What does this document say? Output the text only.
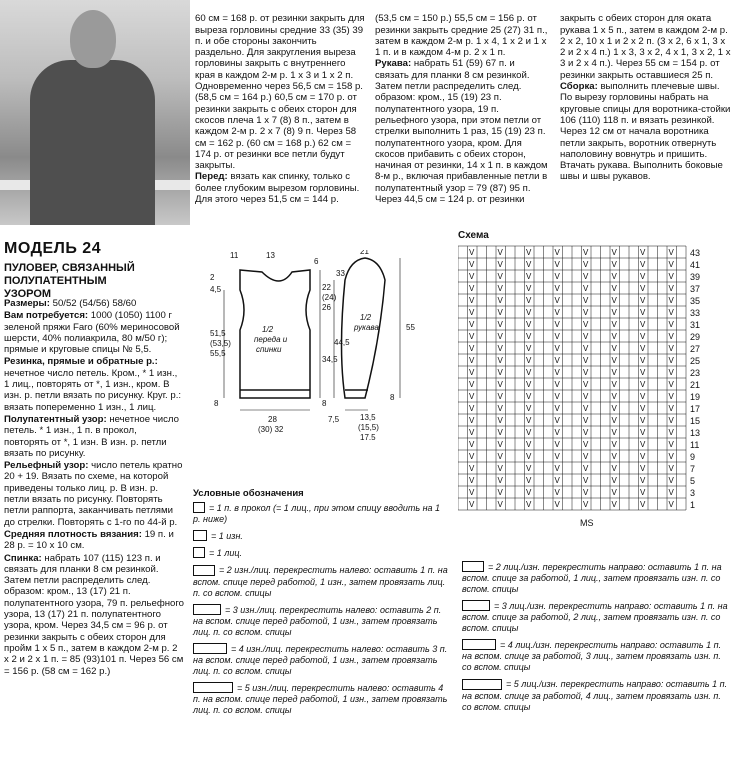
60 см = 168 р. от резинки закрыть для выреза горловины средние 33 (35) 39 п. и обе стороны закончить раздельно. Для закругления выреза горловины закрыть с внутреннего края в каждом 2-м р. 1 х 3 и 1 х 2 п. Одновременно через 56,5 см = 158 р. (58,5 см = 164 р.) 60,5 см = 170 р. от резинки закрыть с обеих сторон для скосов плеча 1 х 7 (8) 8 п., затем в каждом 2-м р. 2 х 7 (8) 9 п. Через 58 см = 162 р. (60 см = 168 р.) 62 см = 174 р. от резинки все петли будут закрыты.
Перед: вязать как спинку, только с более глубоким вырезом горловины. Для этого через 51,5 см = 144 р.

(53,5 см = 150 р.) 55,5 см = 156 р. от резинки закрыть средние 25 (27) 31 п., затем в каждом 2-м р. 1 х 4, 1 х 2 и 1 х 1 п. и в каждом 4-м р. 2 х 1 п.
Рукава: набрать 51 (59) 67 п. и связать для планки 8 см резинкой. Затем петли распределить след. образом: кром., 15 (19) 23 п. полупатентного узора, 19 п. рельефного узора, при этом петли от стрелки выполнить 1 раз, 15 (19) 23 п. полупатентного узора, кром. Для скосов прибавить с обеих сторон, начиная от резинки, 14 х 1 п. в каждом 8-м р., включая прибавленные петли в полупатентный узор = 79 (87) 95 п. Через 44,5 см = 124 р. от резинки

закрыть с обеих сторон для оката рукава 1 х 5 п., затем в каждом 2-м р. 2 х 2, 10 х 1 и 2 х 2 п. (3 х 2, 6 х 1, 3 х 2 и 2 х 4 п.) 1 х 3, 3 х 2, 4 х 1, 3 х 2, 1 х 3 и 2 х 4 п.). Через 55 см = 154 р. от резинки закрыть оставшиеся 25 п.
Сборка: выполнить плечевые швы. По вырезу горловины набрать на круговые спицы для воротника-стойки 106 (110) 118 п. и вязать резинкой. Через 12 см от начала воротника петли закрыть, воротник отвернуть наполовину вовнутрь и пришить. Втачать рукава. Выполнить боковые швы и швы рукавов.

МОДЕЛЬ 24
ПУЛОВЕР, СВЯЗАННЫЙ ПОЛУПАТЕНТНЫМ УЗОРОМ
Размеры: 50/52 (54/56) 58/60
Вам потребуется: 1000 (1050) 1100 г зеленой пряжи Faro (60% мериносовой шерсти, 40% полиакрила, 80 м/50 г); прямые и круговые спицы № 5,5.
Резинка, прямые и обратные р.: нечетное число петель. Кром., * 1 изн., 1 лиц., повторять от *, 1 изн., кром. В изн. р. петли вязать по рисунку. Круг. р.: вязать попеременно 1 изн., 1 лиц.
Полупатентный узор: нечетное число петель. * 1 изн., 1 п. в прокол, повторять от *, 1 изн. В изн. р. петли вязать по рисунку.
Рельефный узор: число петель кратно 20 + 19. Вязать по схеме, на которой приведены только лиц. р. В изн. р. петли вязать по рисунку. Повторять петли раппорта, заканчивать петлями до стрелки. Повторять с 1-го по 44-й р.
Средняя плотность вязания: 19 п. и 28 р. = 10 х 10 см.
Спинка: набрать 107 (115) 123 п. и связать для планки 8 см резинкой. Затем петли распределить след. образом: кром., 13 (17) 21 п. полупатентного узора, 79 п. рельефного узора, 13 (17) 21 п. полупатентного узора, кром. Через 34,5 см = 96 р. от резинки закрыть с обеих сторон для пройм 1 х 5 п., затем в каждом 2-м р. 2 х 2 и 2 х 1 п. = 85 (93)101 п. Через 56 см = 156 р. (58 см = 162 р.)
1/2 переда и спинки
1/2 рукава
11	13	21
2
4,5
6
22
(24)
26
33
51,5
(53,5)
55,5
34,5
44,5
55
8	8
8
28
(30) 32
7,5	13,5
(15,5)
17,5
Схема
V	V	V	V	V	V	V	V 43
V	V	V	V	V	V	V	V 41
V	V	V	V	V	V	V	V 39
V	V	V	V	V	V	V	V 37
V	V	V	V	V	V	V	V 35
V	V	V	V	V	V	V	V 33
V	V	V	V	V	V	V	V 31
V	V	V	V	V	V	V	V 29
V	V	V	V	V	V	V	V 27
V	V	V	V	V	V	V	V 25
V	V	V	V	V	V	V	V 23
V	V	V	V	V	V	V	V 21
V	V	V	V	V	V	V	V 19
V	V	V	V	V	V	V	V 17
V	V	V	V	V	V	V	V 15
V	V	V	V	V	V	V	V 13
V	V	V	V	V	V	V	V 11
V	V	V	V	V	V	V	V 9
V	V	V	V	V	V	V	V 7
V	V	V	V	V	V	V	V 5
V	V	V	V	V	V	V	V 3
V	V	V	V	V	V	V	V 1
MS
Условные обозначения
= 1 п. в прокол (= 1 лиц., при этом спицу вводить на 1 р. ниже)
= 1 изн.
= 1 лиц.
= 2 изн./лиц. перекрестить налево: оставить 1 п. на вспом. спице перед работой, 1 изн., затем провязать лиц. п. со вспом. спицы
= 3 изн./лиц. перекрестить налево: оставить 2 п. на вспом. спице перед работой, 1 изн., затем провязать лиц. п. со вспом. спицы
= 4 изн./лиц. перекрестить налево: оставить 3 п. на вспом. спице перед работой, 1 изн., затем провязать лиц. п. со вспом. спицы
= 5 изн./лиц. перекрестить налево: оставить 4 п. на вспом. спице перед работой, 1 изн., затем провязать лиц. п. со вспом. спицы
= 2 лиц./изн. перекрестить направо: оставить 1 п. на вспом. спице за работой, 1 лиц., затем провязать изн. п. со вспом. спицы
= 3 лиц./изн. перекрестить направо: оставить 1 п. на вспом. спице за работой, 2 лиц., затем провязать изн. п. со вспом. спицы
= 4 лиц./изн. перекрестить направо: оставить 1 п. на вспом. спице за работой, 3 лиц., затем провязать изн. п. со вспом. спицы
= 5 лиц./изн. перекрестить направо: оставить 1 п. на вспом. спице за работой, 4 лиц., затем провязать изн. п. со вспом. спицы
